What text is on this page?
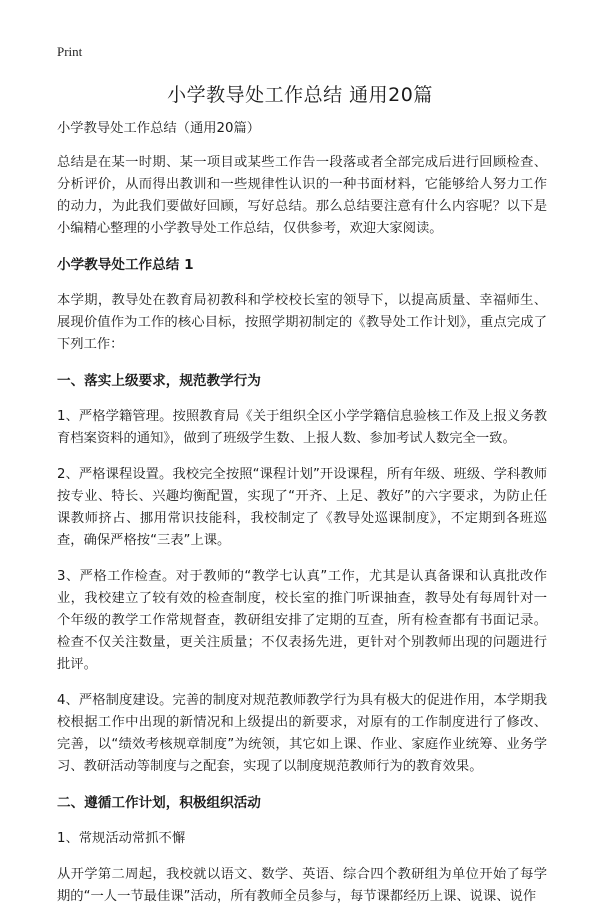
Print
小学教导处工作总结 通用20篇

小学教导处工作总结（通用20篇）

总结是在某一时期、某一项目或某些工作告一段落或者全部完成后进行回顾检查、分析评价，从而得出教训和一些规律性认识的一种书面材料，它能够给人努力工作的动力，为此我们要做好回顾，写好总结。那么总结要注意有什么内容呢？以下是小编精心整理的小学教导处工作总结，仅供参考，欢迎大家阅读。

小学教导处工作总结 1

本学期，教导处在教育局初教科和学校校长室的领导下，以提高质量、幸福师生、展现价值作为工作的核心目标，按照学期初制定的《教导处工作计划》，重点完成了下列工作：

一、落实上级要求，规范教学行为

1、严格学籍管理。按照教育局《关于组织全区小学学籍信息验核工作及上报义务教育档案资料的通知》，做到了班级学生数、上报人数、参加考试人数完全一致。

2、严格课程设置。我校完全按照“课程计划”开设课程，所有年级、班级、学科教师按专业、特长、兴趣均衡配置，实现了“开齐、上足、教好”的六字要求，为防止任课教师挤占、挪用常识技能科，我校制定了《教导处巡课制度》，不定期到各班巡查，确保严格按“三表”上课。

3、严格工作检查。对于教师的“教学七认真”工作，尤其是认真备课和认真批改作业，我校建立了较有效的检查制度，校长室的推门听课抽查，教导处有每周针对一个年级的教学工作常规督查，教研组安排了定期的互查，所有检查都有书面记录。检查不仅关注数量，更关注质量；不仅表扬先进，更针对个别教师出现的问题进行批评。

4、严格制度建设。完善的制度对规范教师教学行为具有极大的促进作用，本学期我校根据工作中出现的新情况和上级提出的新要求，对原有的工作制度进行了修改、完善，以“绩效考核规章制度”为统领，其它如上课、作业、家庭作业统筹、业务学习、教研活动等制度与之配套，实现了以制度规范教师行为的教育效果。

二、遵循工作计划，积极组织活动

1、常规活动常抓不懈

从开学第二周起，我校就以语文、数学、英语、综合四个教研组为单位开始了每学期的“一人一节最佳课”活动，所有教师全员参与，每节课都经历上课、说课、说作
